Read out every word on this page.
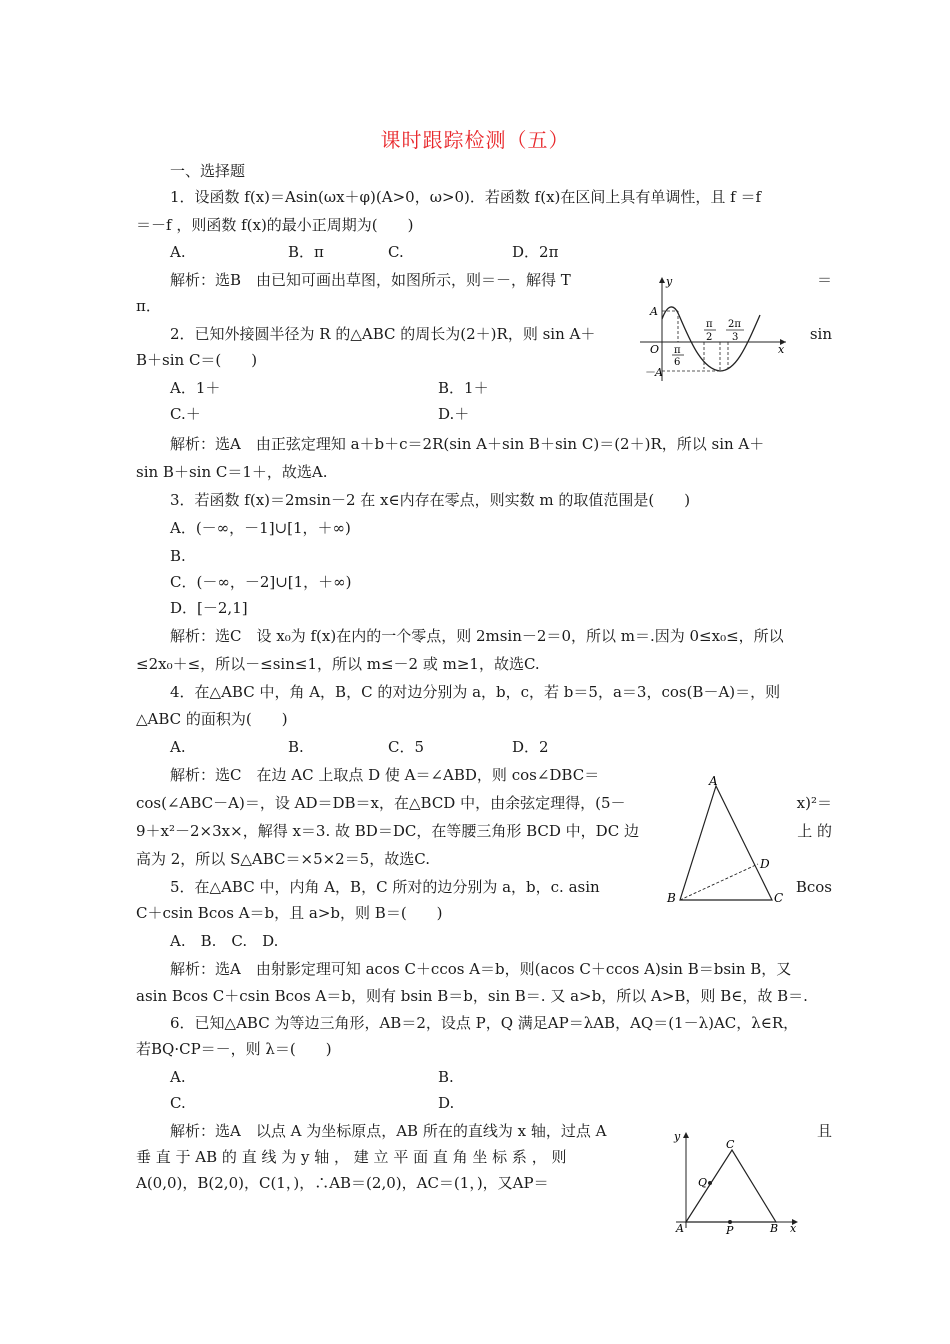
课时跟踪检测（五）
一、选择题
1．设函数 f(x)＝Asin(ωx＋φ)(A>0，ω>0)．若函数 f(x)在区间上具有单调性，且 f ＝f
＝－f ，则函数 f(x)的最小正周期为(　　)
A.	B．π	C.	D．2π
解析：选B　由已知可画出草图，如图所示，则＝－，解得 T	＝
π．
2．已知外接圆半径为 R 的△ABC 的周长为(2＋)R，则 sin A＋	sin
B＋sin C＝(　　)
A．1＋	B．1＋
C.＋	D.＋
解析：选A　由正弦定理知 a＋b＋c＝2R(sin A＋sin B＋sin C)＝(2＋)R，所以 sin A＋
sin B＋sin C＝1＋，故选A.
3．若函数 f(x)＝2msin－2 在 x∈内存在零点，则实数 m 的取值范围是(　　)
A．(－∞，－1]∪[1，＋∞)
B.
C．(－∞，－2]∪[1，＋∞)
D．[－2,1]
解析：选C　设 x₀为 f(x)在内的一个零点，则 2msin－2＝0，所以 m＝.因为 0≤x₀≤，所以
≤2x₀＋≤，所以－≤sin≤1，所以 m≤－2 或 m≥1，故选C.
4．在△ABC 中，角 A，B，C 的对边分别为 a，b，c，若 b＝5，a＝3，cos(B－A)＝，则
△ABC 的面积为(　　)
A.	B.	C．5	D．2
解析：选C　在边 AC 上取点 D 使 A＝∠ABD，则 cos∠DBC＝
cos(∠ABC－A)＝，设 AD＝DB＝x，在△BCD 中，由余弦定理得，(5－	x)²＝
9＋x²－2×3x×，解得 x＝3. 故 BD＝DC，在等腰三角形 BCD 中，DC 边	上 的
高为 2，所以 S△ABC＝×5×2＝5，故选C.
5．在△ABC 中，内角 A，B，C 所对的边分别为 a，b，c. asin	Bcos
C＋csin Bcos A＝b，且 a>b，则 B＝(　　)
A.　B.　C.　D.
解析：选A　由射影定理可知 acos C＋ccos A＝b，则(acos C＋ccos A)sin B＝bsin B，又
asin Bcos C＋csin Bcos A＝b，则有 bsin B＝b，sin B＝. 又 a>b，所以 A>B，则 B∈，故 B＝.
6．已知△ABC 为等边三角形，AB＝2，设点 P，Q 满足AP＝λAB，AQ＝(1－λ)AC，λ∈R，
若BQ·CP＝－，则 λ＝(　　)
A.	B.
C.	D.
解析：选A　以点 A 为坐标原点，AB 所在的直线为 x 轴，过点 A	且
垂 直 于 AB 的 直 线 为 y 轴 ， 建 立 平 面 直 角 坐 标 系 ， 则
A(0,0)，B(2,0)，C(1，)，∴AB＝(2,0)，AC＝(1，)，又AP＝
y
x
A
O
－A
π
6
π
2
2π
3
A
B	C
D
y
x
A	B
C
P
Q
